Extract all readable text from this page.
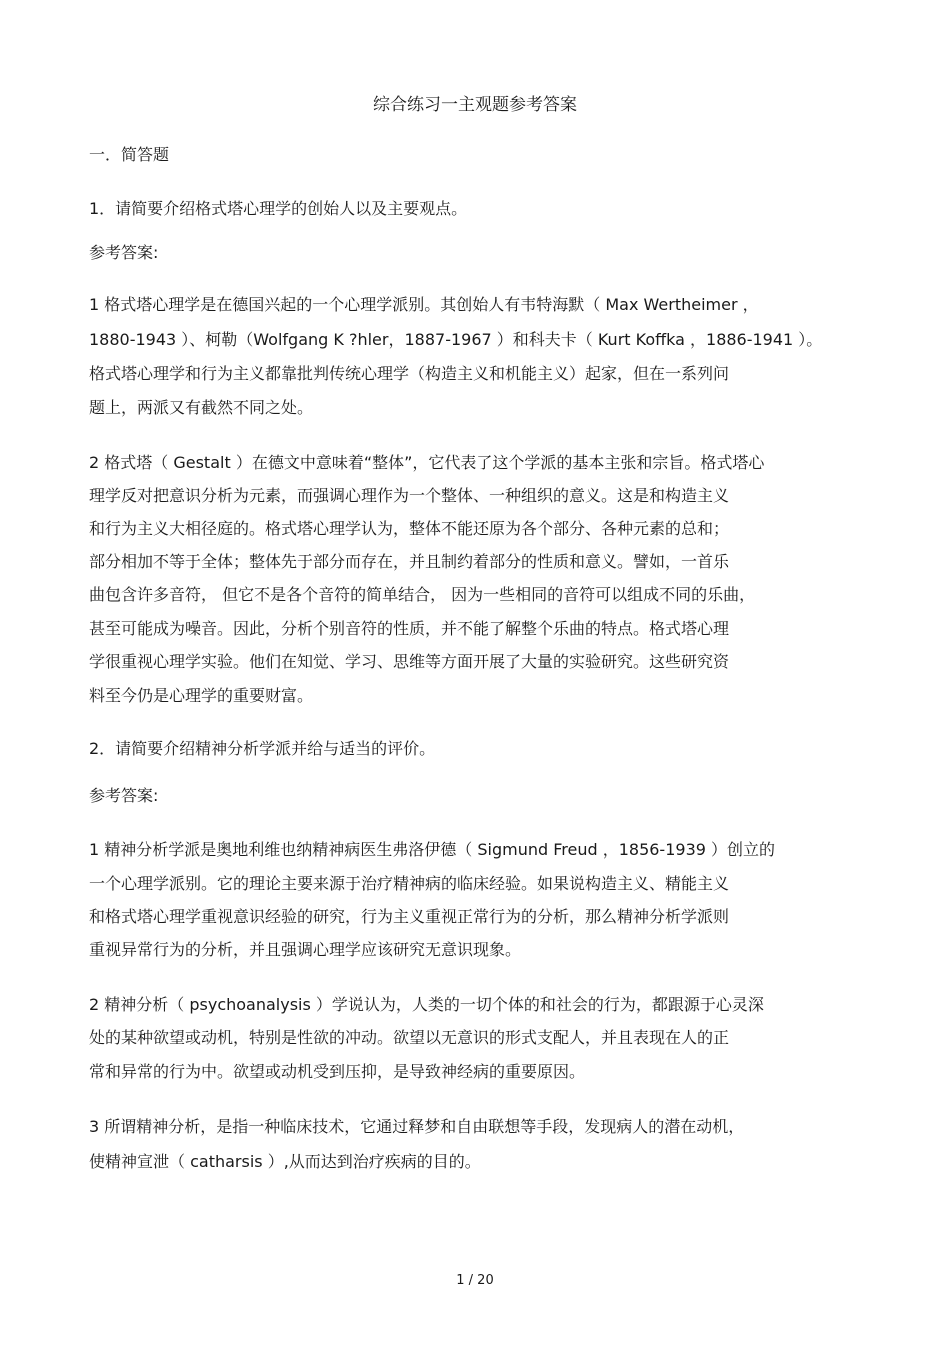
综合练习一主观题参考答案
一．简答题
1．请简要介绍格式塔心理学的创始人以及主要观点。
参考答案:
1 格式塔心理学是在德国兴起的一个心理学派别。其创始人有韦特海默（ Max Wertheimer ，
1880-1943 ）、柯勒（Wolfgang K ?hler，1887-1967 ）和科夫卡（ Kurt Koffka ，1886-1941 ）。
格式塔心理学和行为主义都靠批判传统心理学（构造主义和机能主义）起家，但在一系列问
题上，两派又有截然不同之处。
2 格式塔（ Gestalt ）在德文中意味着“整体”，它代表了这个学派的基本主张和宗旨。格式塔心
理学反对把意识分析为元素，而强调心理作为一个整体、一种组织的意义。这是和构造主义
和行为主义大相径庭的。格式塔心理学认为，整体不能还原为各个部分、各种元素的总和；
部分相加不等于全体；整体先于部分而存在，并且制约着部分的性质和意义。譬如，一首乐
曲包含许多音符， 但它不是各个音符的简单结合， 因为一些相同的音符可以组成不同的乐曲，
甚至可能成为噪音。因此，分析个别音符的性质，并不能了解整个乐曲的特点。格式塔心理
学很重视心理学实验。他们在知觉、学习、思维等方面开展了大量的实验研究。这些研究资
料至今仍是心理学的重要财富。
2．请简要介绍精神分析学派并给与适当的评价。
参考答案:
1 精神分析学派是奥地利维也纳精神病医生弗洛伊德（ Sigmund Freud ，1856-1939 ）创立的
一个心理学派别。它的理论主要来源于治疗精神病的临床经验。如果说构造主义、精能主义
和格式塔心理学重视意识经验的研究，行为主义重视正常行为的分析，那么精神分析学派则
重视异常行为的分析，并且强调心理学应该研究无意识现象。
2 精神分析（ psychoanalysis ）学说认为，人类的一切个体的和社会的行为，都跟源于心灵深
处的某种欲望或动机，特别是性欲的冲动。欲望以无意识的形式支配人，并且表现在人的正
常和异常的行为中。欲望或动机受到压抑，是导致神经病的重要原因。
3 所谓精神分析，是指一种临床技术，它通过释梦和自由联想等手段，发现病人的潜在动机，
使精神宣泄（ catharsis ）,从而达到治疗疾病的目的。
1 / 20
